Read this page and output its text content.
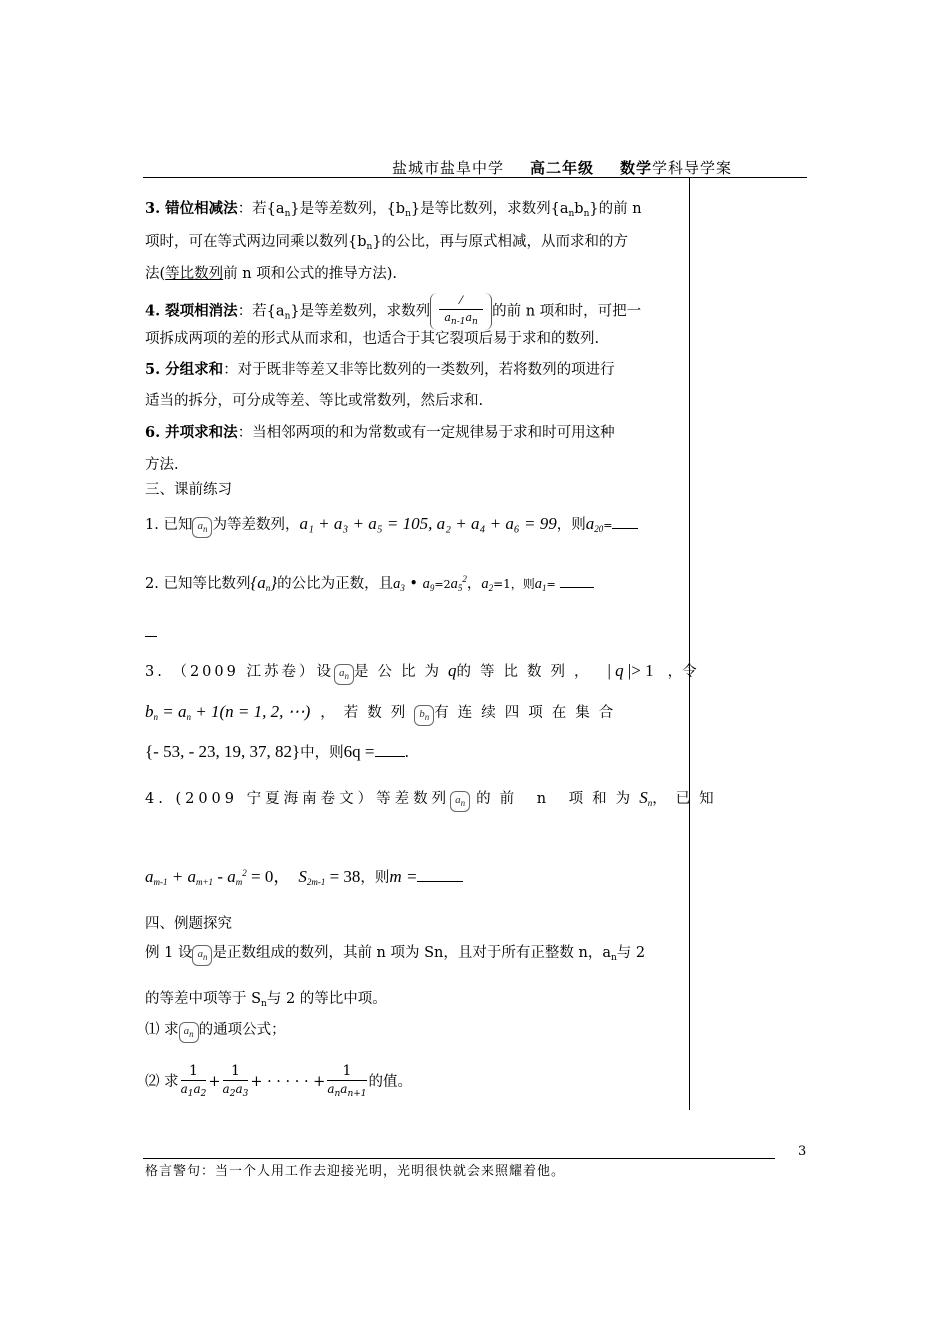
盐城市盐阜中学 高二年级 数学学科导学案
3. 错位相减法：若$\{a_n\}$是等差数列，$\{b_n\}$是等比数列，求数列$\{a_nb_n\}$的前 n
项时，可在等式两边同乘以数列$\{b_n\}$的公比，再与原式相减，从而求和的方
法(等比数列前 n 项和公式的推导方法).
4. 裂项相消法：若$\{a_n\}$是等差数列，求数列 $\frac{⁄}{a_{n-1}a_n}$ 的前 n 项和时，可把一
项拆成两项的差的形式从而求和，也适合于其它裂项后易于求和的数列.
5. 分组求和：对于既非等差又非等比数列的一类数列，若将数列的项进行
适当的拆分，可分成等差、等比或常数列，然后求和.
6. 并项求和法：当相邻两项的和为常数或有一定规律易于求和时可用这种
方法.
三、课前练习
1. 已知 $a_n$ 为等差数列，a₁ + a₃ + a₅ = 105, a₂ + a₄ + a₆ = 99，则$a_{20}=$
2. 已知等比数列$\{a_n\}$的公比为正数，且$a_3$ • $a_9=2a_5^2$，$a_2=1$，则$a_1=$
3. （2009 江苏卷）设 $a_n$ 是公比为q的等比数列， | q |> 1 ，令
$b_n = a_n + 1(n = 1$, 2, ⋯) ，若数列 $b_n$ 有连续四项在集合
{- 53, - 23, 19, 37, 82}中，则6q = .
4. (2009 宁夏海南卷文）等差数列 $a_n$ 的前 n 项和为$S_n$，已知
$a_{m-1} + a_{m+1} - a_m^2 = 0$， $S_{2m-1} = 38$，则m =
四、例题探究
例 1 设 $a_n$ 是正数组成的数列，其前 n 项为 Sn，且对于所有正整数 n，$a_n$与 2
的等差中项等于 $S_n$与 2 的等比中项。
⑴ 求 $a_n$ 的通项公式；
⑵ 求 $\frac{1}{a_1a_2} + \frac{1}{a_2a_3}$ + · · · · · + $\frac{1}{a_na_{n+1}}$ 的值。
3
格言警句：当一个人用工作去迎接光明，光明很快就会来照耀着他。
